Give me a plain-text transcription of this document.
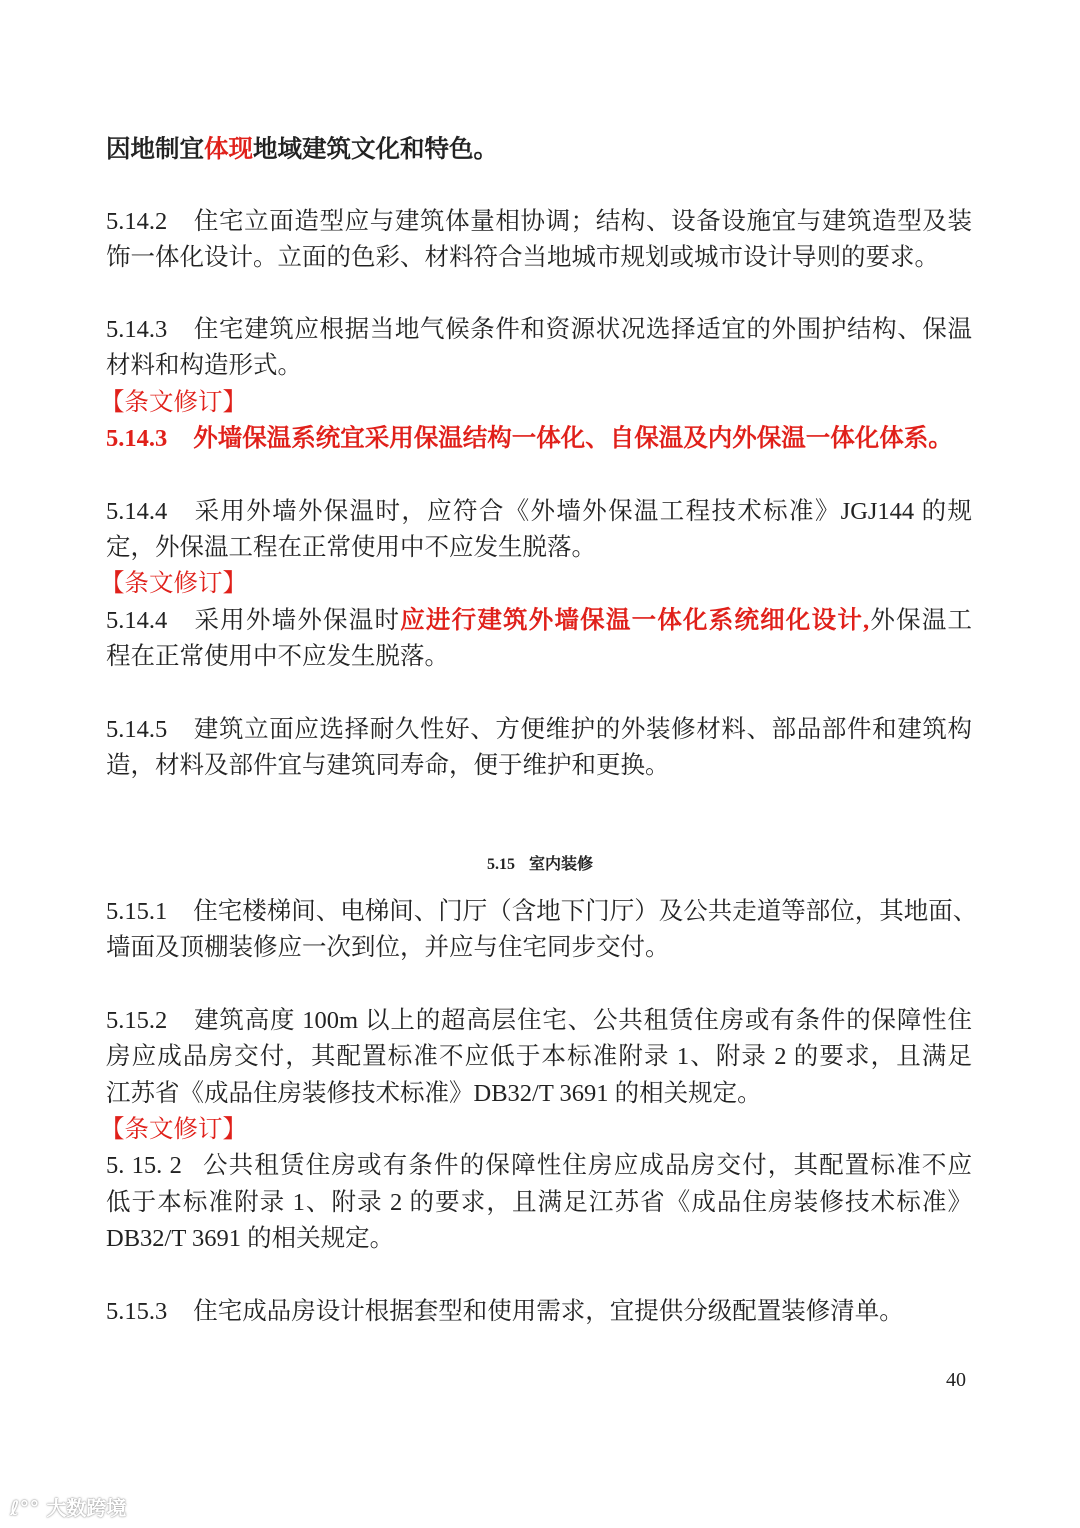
因地制宜体现地域建筑文化和特色。
5.14.2 住宅立面造型应与建筑体量相协调；结构、设备设施宜与建筑造型及装
饰一体化设计。立面的色彩、材料符合当地城市规划或城市设计导则的要求。
5.14.3 住宅建筑应根据当地气候条件和资源状况选择适宜的外围护结构、保温
材料和构造形式。
【条文修订】
5.14.3 外墙保温系统宜采用保温结构一体化、自保温及内外保温一体化体系。
5.14.4 采用外墙外保温时，应符合《外墙外保温工程技术标准》JGJ144 的规
定，外保温工程在正常使用中不应发生脱落。
【条文修订】
5.14.4 采用外墙外保温时应进行建筑外墙保温一体化系统细化设计,外保温工
程在正常使用中不应发生脱落。
5.14.5 建筑立面应选择耐久性好、方便维护的外装修材料、部品部件和建筑构
造，材料及部件宜与建筑同寿命，便于维护和更换。
5.15 室内装修
5.15.1 住宅楼梯间、电梯间、门厅（含地下门厅）及公共走道等部位，其地面、
墙面及顶棚装修应一次到位，并应与住宅同步交付。
5.15.2 建筑高度 100m 以上的超高层住宅、公共租赁住房或有条件的保障性住
房应成品房交付，其配置标准不应低于本标准附录 1、附录 2 的要求，且满足
江苏省《成品住房装修技术标准》DB32/T 3691 的相关规定。
【条文修订】
5. 15. 2 公共租赁住房或有条件的保障性住房应成品房交付，其配置标准不应
低于本标准附录 1、附录 2 的要求，且满足江苏省《成品住房装修技术标准》
DB32/T 3691 的相关规定。
5.15.3 住宅成品房设计根据套型和使用需求，宜提供分级配置装修清单。
40
ℓ°° 大数跨境
